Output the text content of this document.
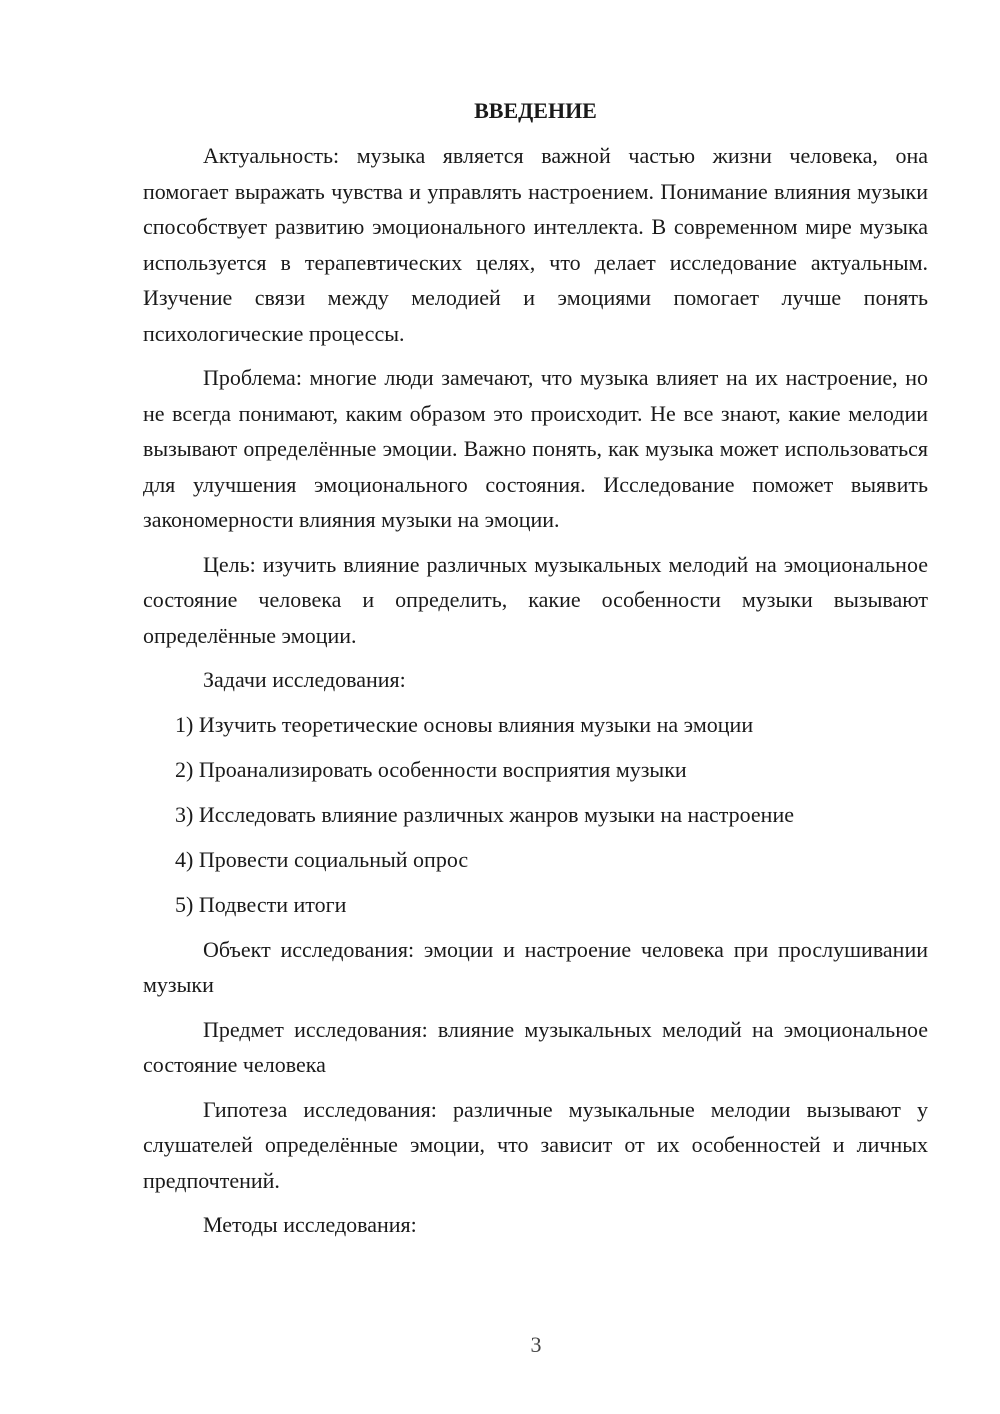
ВВЕДЕНИЕ

Актуальность: музыка является важной частью жизни человека, она помогает выражать чувства и управлять настроением. Понимание влияния музыки способствует развитию эмоционального интеллекта. В современном мире музыка используется в терапевтических целях, что делает исследование актуальным. Изучение связи между мелодией и эмоциями помогает лучше понять психологические процессы.

Проблема: многие люди замечают, что музыка влияет на их настроение, но не всегда понимают, каким образом это происходит. Не все знают, какие мелодии вызывают определённые эмоции. Важно понять, как музыка может использоваться для улучшения эмоционального состояния. Исследование поможет выявить закономерности влияния музыки на эмоции.

Цель: изучить влияние различных музыкальных мелодий на эмоциональное состояние человека и определить, какие особенности музыки вызывают определённые эмоции.

Задачи исследования:

1) Изучить теоретические основы влияния музыки на эмоции
2) Проанализировать особенности восприятия музыки
3) Исследовать влияние различных жанров музыки на настроение
4) Провести социальный опрос
5) Подвести итоги

Объект исследования: эмоции и настроение человека при прослушивании музыки

Предмет исследования: влияние музыкальных мелодий на эмоциональное состояние человека

Гипотеза исследования: различные музыкальные мелодии вызывают у слушателей определённые эмоции, что зависит от их особенностей и личных предпочтений.

Методы исследования:

3
